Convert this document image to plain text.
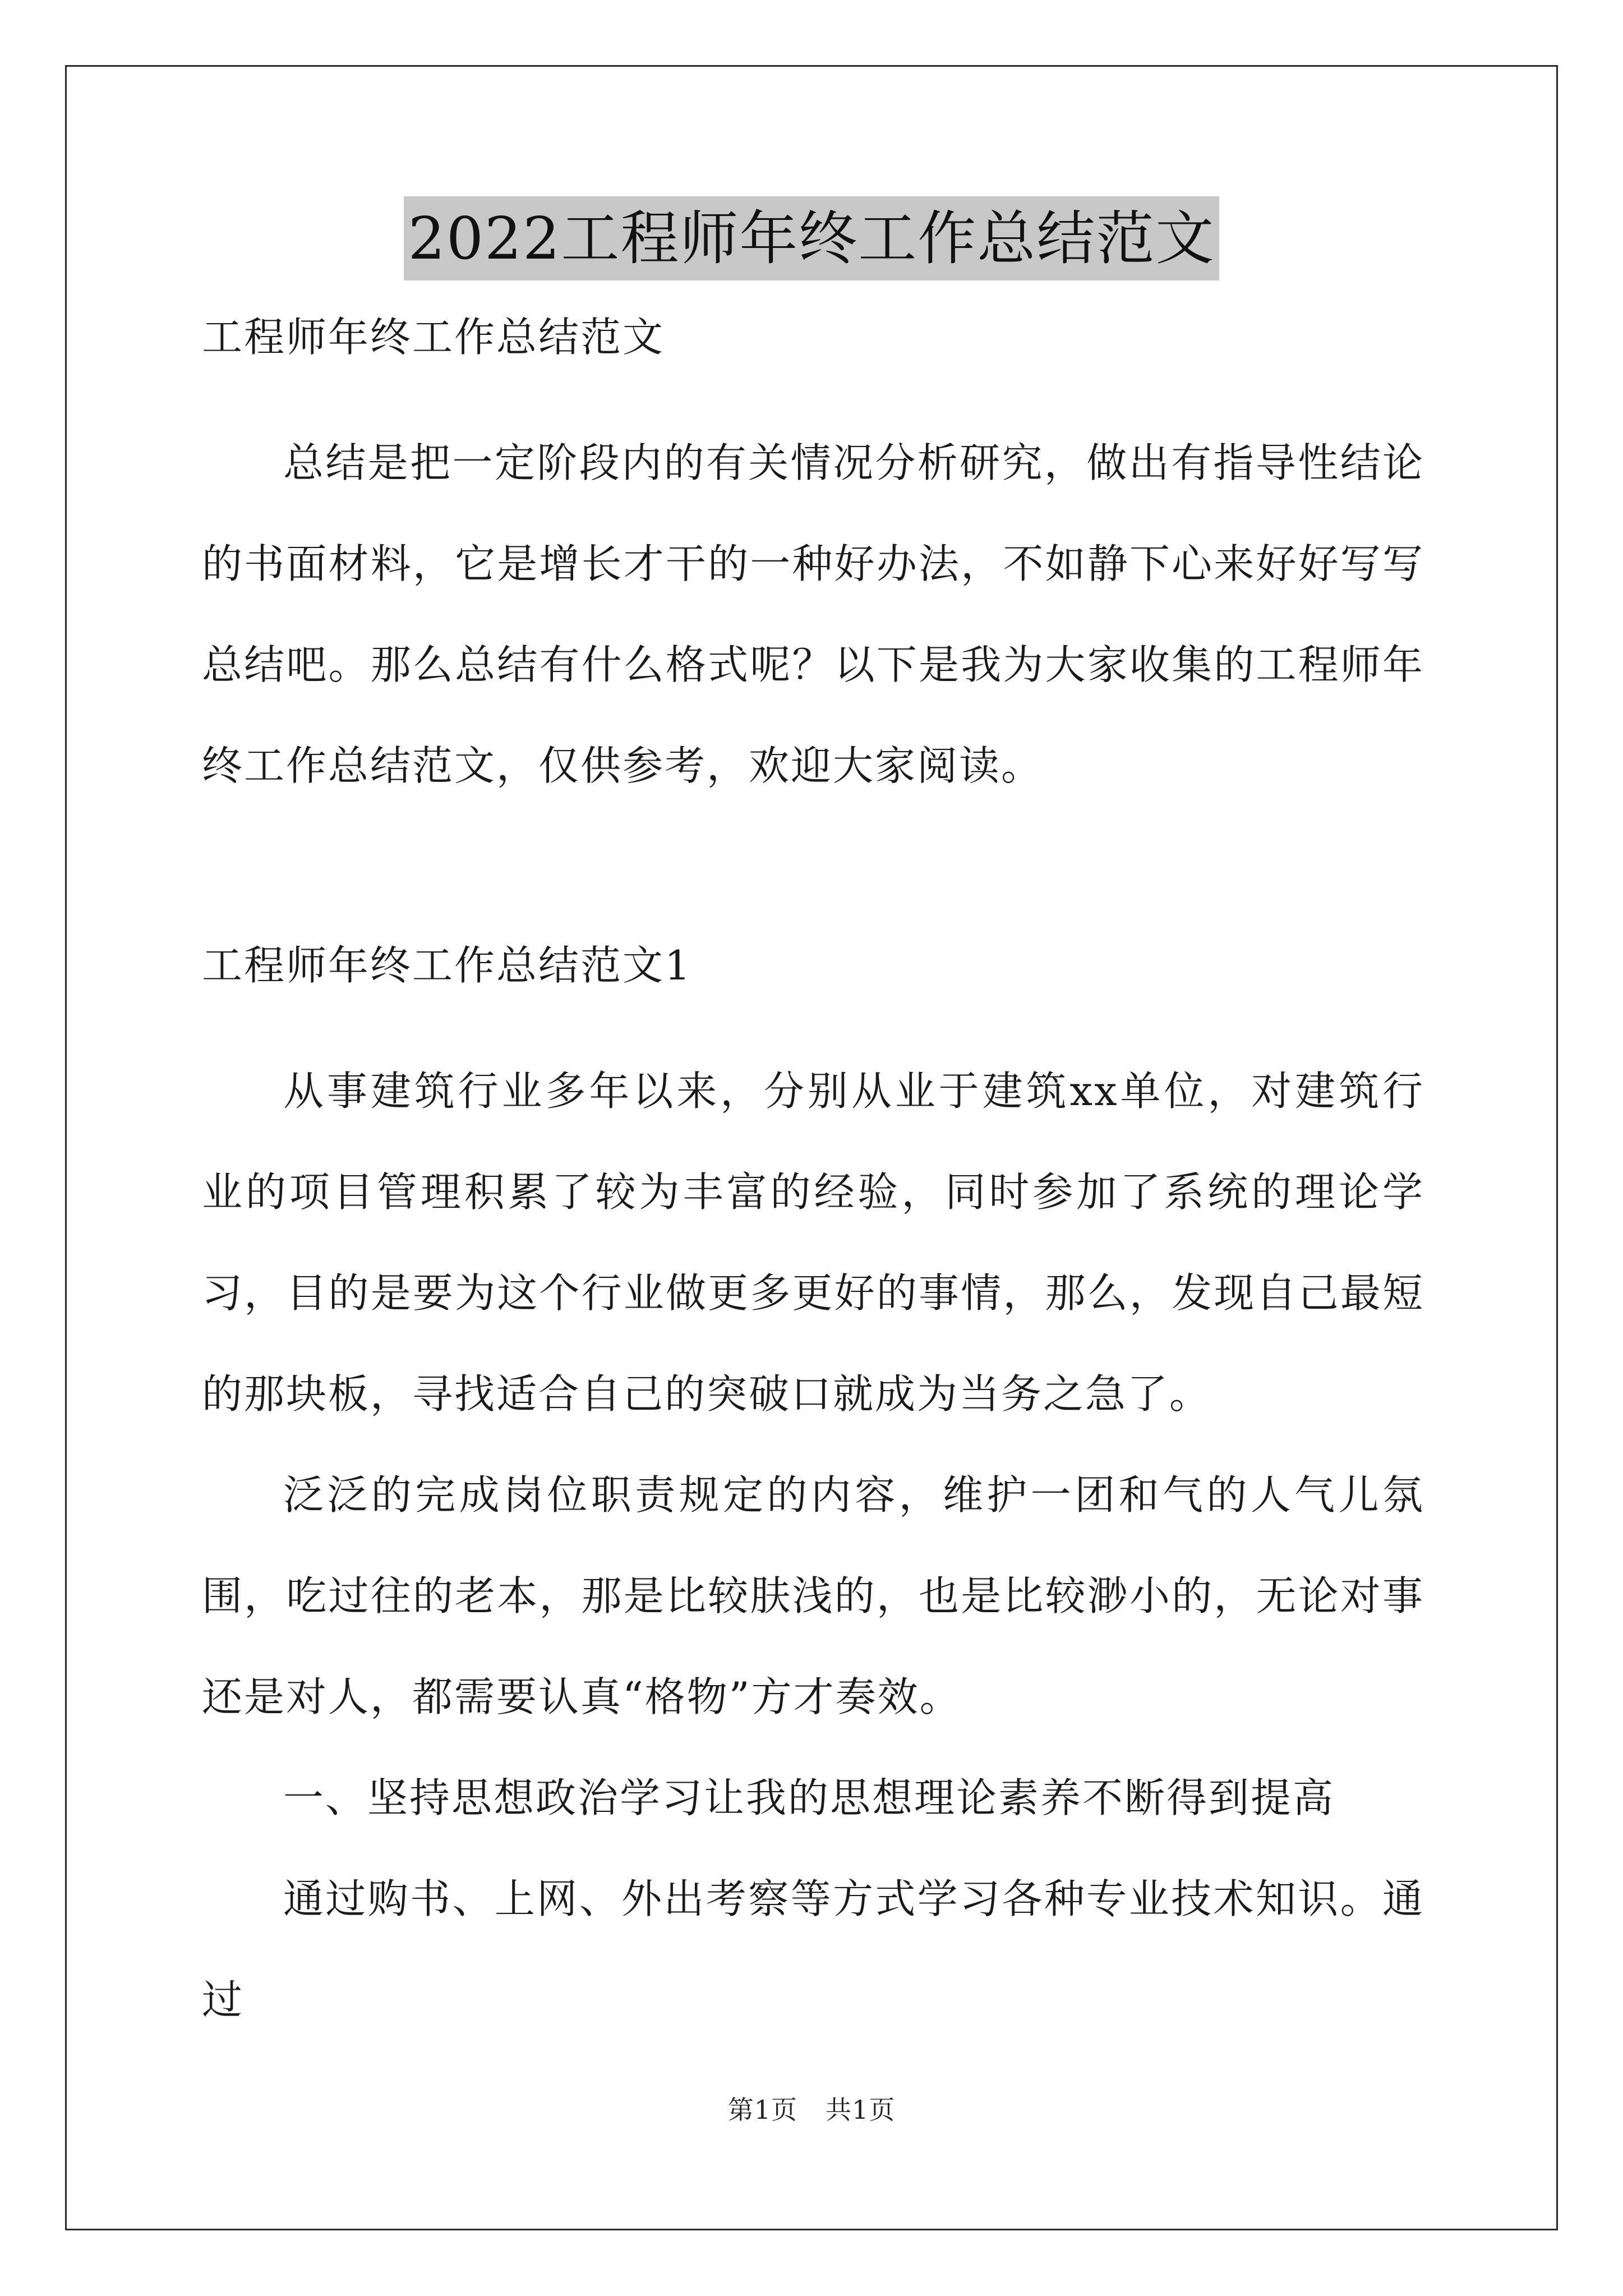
2022工程师年终工作总结范文

工程师年终工作总结范文

总结是把一定阶段内的有关情况分析研究，做出有指导性结论的书面材料，它是增长才干的一种好办法，不如静下心来好好写写总结吧。那么总结有什么格式呢？以下是我为大家收集的工程师年终工作总结范文，仅供参考，欢迎大家阅读。

工程师年终工作总结范文1

从事建筑行业多年以来，分别从业于建筑xx单位，对建筑行业的项目管理积累了较为丰富的经验，同时参加了系统的理论学习，目的是要为这个行业做更多更好的事情，那么，发现自己最短的那块板，寻找适合自己的突破口就成为当务之急了。

泛泛的完成岗位职责规定的内容，维护一团和气的人气儿氛围，吃过往的老本，那是比较肤浅的，也是比较渺小的，无论对事还是对人，都需要认真“格物”方才奏效。

一、坚持思想政治学习让我的思想理论素养不断得到提高

通过购书、上网、外出考察等方式学习各种专业技术知识。通过

第1页 共1页
